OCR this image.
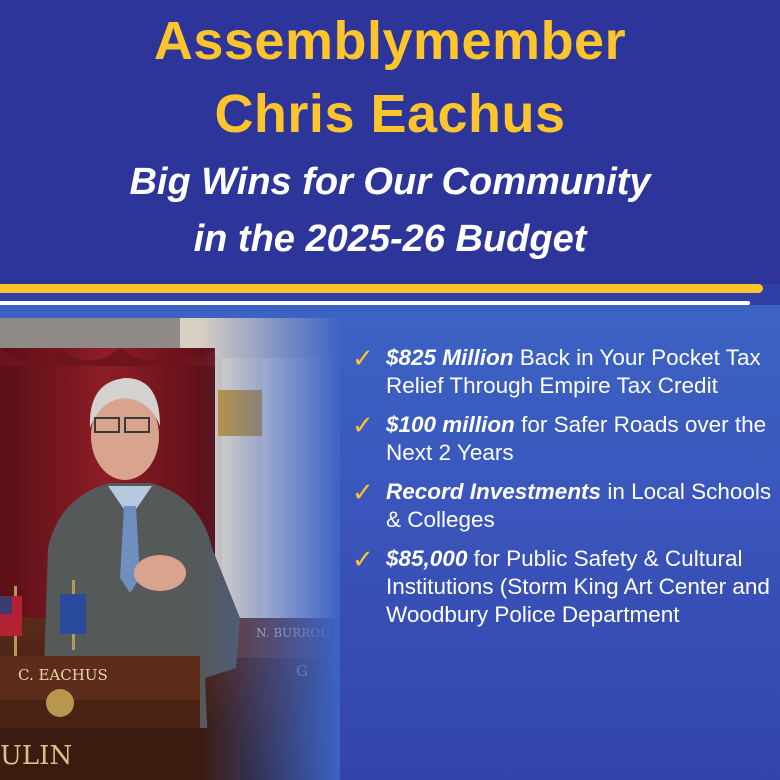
Assemblymember
Chris Eachus
Big Wins for Our Community
in the 2025-26 Budget
C. EACHUS
ULIN
✓ $825 Million Back in Your Pocket Tax Relief Through Empire Tax Credit
✓ $100 million for Safer Roads over the Next 2 Years
✓ Record Investments in Local Schools & Colleges
✓ $85,000 for Public Safety & Cultural Institutions (Storm King Art Center and Woodbury Police Department
